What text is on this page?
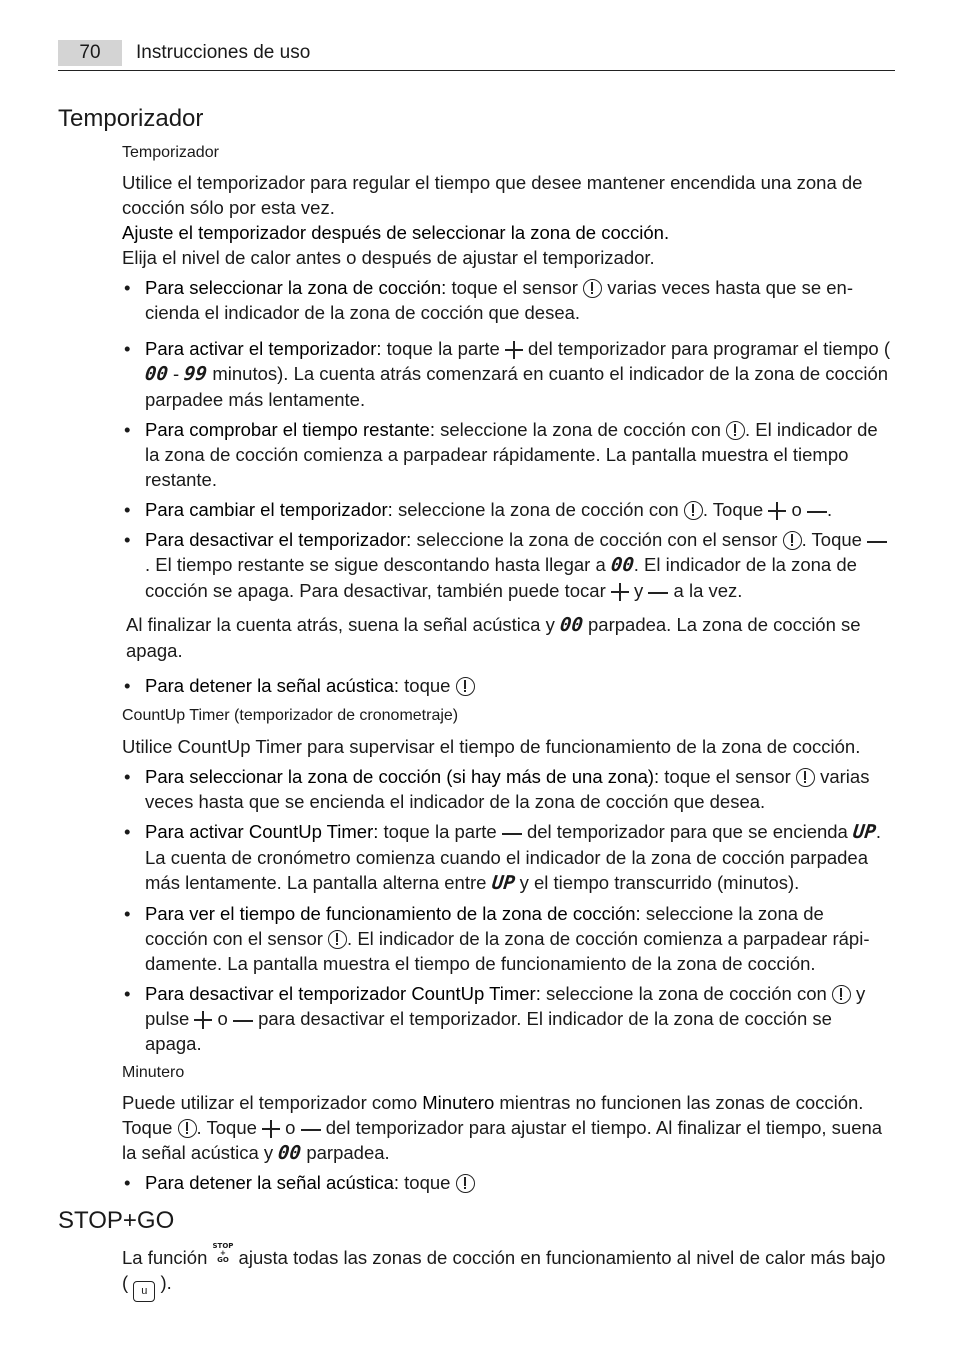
70	Instrucciones de uso
Temporizador
Temporizador
Utilice el temporizador para regular el tiempo que desee mantener encendida una zona de cocción sólo por esta vez.
Ajuste el temporizador después de seleccionar la zona de cocción.
Elija el nivel de calor antes o después de ajustar el temporizador.
• Para seleccionar la zona de cocción: toque el sensor  varias veces hasta que se encienda el indicador de la zona de cocción que desea.
• Para activar el temporizador: toque la parte  del temporizador para programar el tiempo ( 00 - 99 minutos). La cuenta atrás comenzará en cuanto el indicador de la zona de cocción parpadee más lentamente.
• Para comprobar el tiempo restante: seleccione la zona de cocción con . El indicador de la zona de cocción comienza a parpadear rápidamente. La pantalla muestra el tiempo restante.
• Para cambiar el temporizador: seleccione la zona de cocción con . Toque  o .
• Para desactivar el temporizador: seleccione la zona de cocción con el sensor . Toque . El tiempo restante se sigue descontando hasta llegar a 00. El indicador de la zona de cocción se apaga. Para desactivar, también puede tocar  y  a la vez.
Al finalizar la cuenta atrás, suena la señal acústica y 00 parpadea. La zona de cocción se apaga.
• Para detener la señal acústica: toque
CountUp Timer (temporizador de cronometraje)
Utilice CountUp Timer para supervisar el tiempo de funcionamiento de la zona de cocción.
• Para seleccionar la zona de cocción (si hay más de una zona): toque el sensor  varias veces hasta que se encienda el indicador de la zona de cocción que desea.
• Para activar CountUp Timer: toque la parte  del temporizador para que se encienda UP. La cuenta de cronómetro comienza cuando el indicador de la zona de cocción parpadea más lentamente. La pantalla alterna entre UP y el tiempo transcurrido (minutos).
• Para ver el tiempo de funcionamiento de la zona de cocción: seleccione la zona de cocción con el sensor . El indicador de la zona de cocción comienza a parpadear rápidamente. La pantalla muestra el tiempo de funcionamiento de la zona de cocción.
• Para desactivar el temporizador CountUp Timer: seleccione la zona de cocción con  y pulse  o  para desactivar el temporizador. El indicador de la zona de cocción se apaga.
Minutero
Puede utilizar el temporizador como Minutero mientras no funcionen las zonas de cocción. Toque . Toque  o  del temporizador para ajustar el tiempo. Al finalizar el tiempo, suena la señal acústica y 00 parpadea.
• Para detener la señal acústica: toque
STOP+GO
La función STOP
+
GO ajusta todas las zonas de cocción en funcionamiento al nivel de calor más bajo ( u ).
